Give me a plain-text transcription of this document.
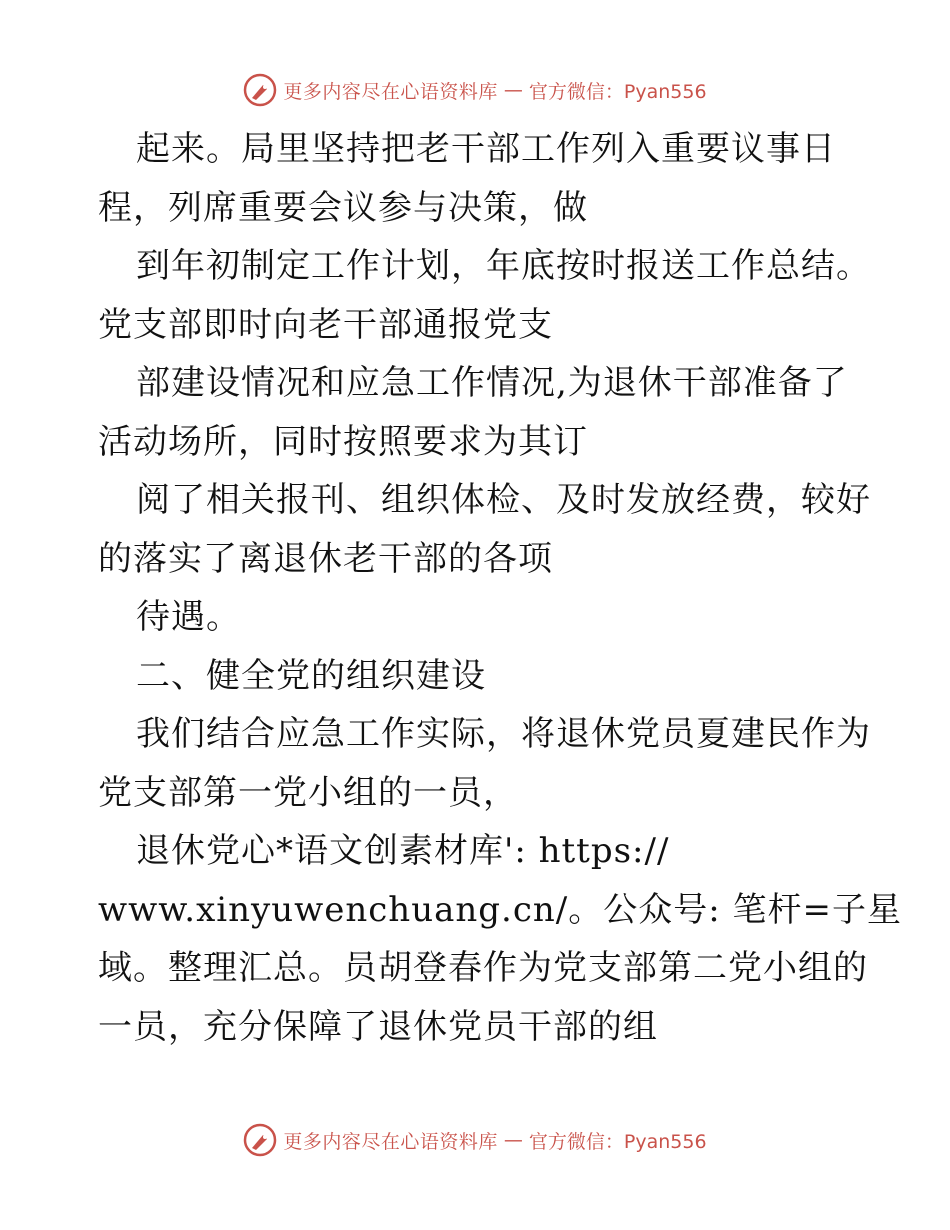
更多内容尽在心语资料库 — 官方微信：Pyan556
起来。局里坚持把老干部工作列入重要议事日
程，列席重要会议参与决策，做
到年初制定工作计划，年底按时报送工作总结。
党支部即时向老干部通报党支
部建设情况和应急工作情况,为退休干部准备了
活动场所，同时按照要求为其订
阅了相关报刊、组织体检、及时发放经费，较好
的落实了离退休老干部的各项
待遇。
二、健全党的组织建设
我们结合应急工作实际，将退休党员夏建民作为
党支部第一党小组的一员，
退休党心*语文创素材库': https://
www.xinyuwenchuang.cn/。公众号: 笔杆=子星
域。整理汇总。员胡登春作为党支部第二党小组的
一员，充分保障了退休党员干部的组
更多内容尽在心语资料库 — 官方微信：Pyan556
